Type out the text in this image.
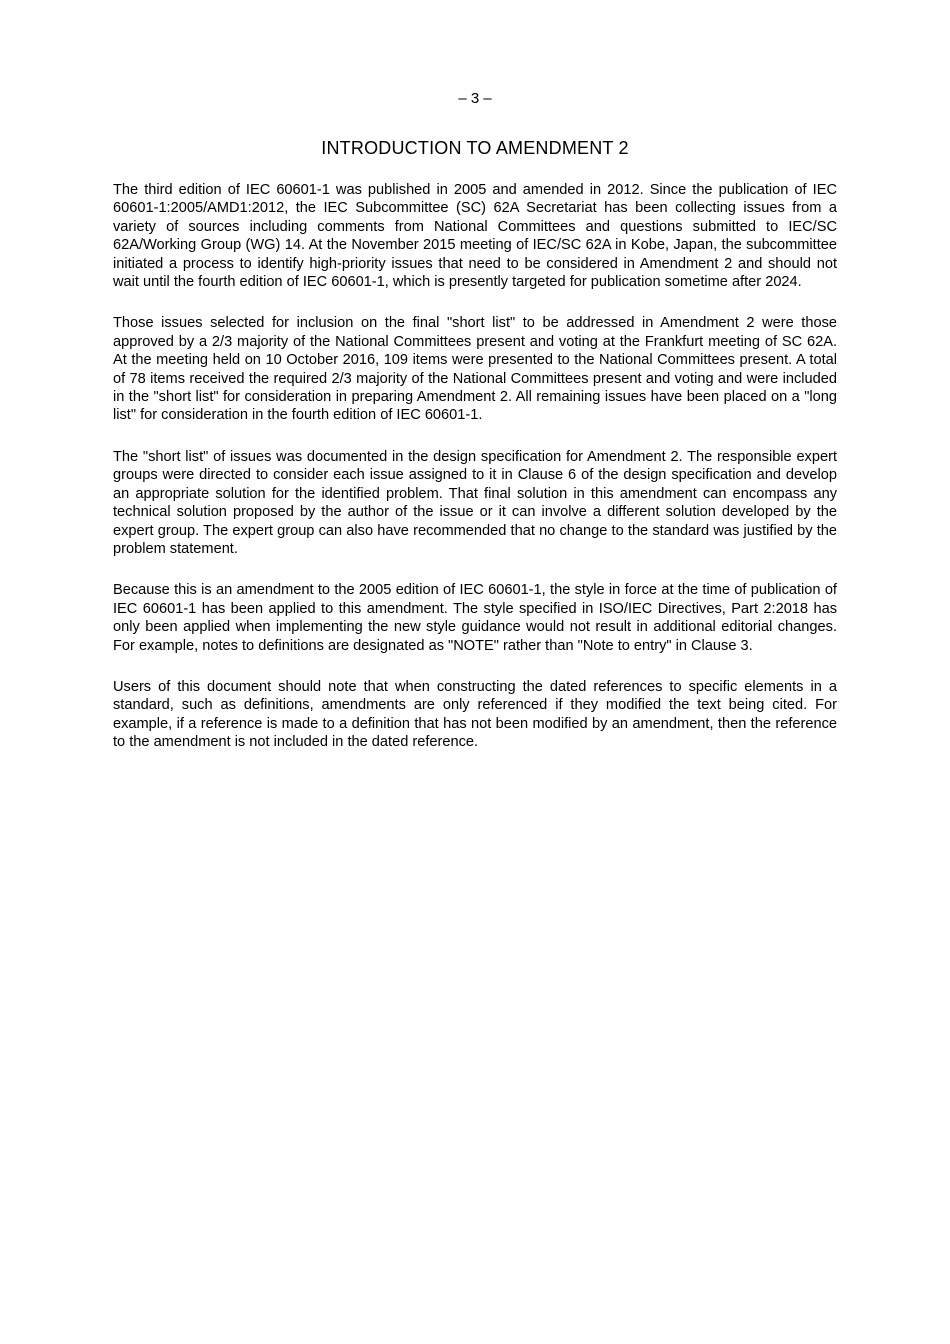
– 3 –
INTRODUCTION TO AMENDMENT 2

The third edition of IEC 60601-1 was published in 2005 and amended in 2012. Since the publication of IEC 60601-1:2005/AMD1:2012, the IEC Subcommittee (SC) 62A Secretariat has been collecting issues from a variety of sources including comments from National Committees and questions submitted to IEC/SC 62A/Working Group (WG) 14. At the November 2015 meeting of IEC/SC 62A in Kobe, Japan, the subcommittee initiated a process to identify high-priority issues that need to be considered in Amendment 2 and should not wait until the fourth edition of IEC 60601-1, which is presently targeted for publication sometime after 2024.

Those issues selected for inclusion on the final "short list" to be addressed in Amendment 2 were those approved by a 2/3 majority of the National Committees present and voting at the Frankfurt meeting of SC 62A. At the meeting held on 10 October 2016, 109 items were presented to the National Committees present. A total of 78 items received the required 2/3 majority of the National Committees present and voting and were included in the "short list" for consideration in preparing Amendment 2. All remaining issues have been placed on a "long list" for consideration in the fourth edition of IEC 60601-1.

The "short list" of issues was documented in the design specification for Amendment 2. The responsible expert groups were directed to consider each issue assigned to it in Clause 6 of the design specification and develop an appropriate solution for the identified problem. That final solution in this amendment can encompass any technical solution proposed by the author of the issue or it can involve a different solution developed by the expert group. The expert group can also have recommended that no change to the standard was justified by the problem statement.

Because this is an amendment to the 2005 edition of IEC 60601-1, the style in force at the time of publication of IEC 60601-1 has been applied to this amendment. The style specified in ISO/IEC Directives, Part 2:2018 has only been applied when implementing the new style guidance would not result in additional editorial changes. For example, notes to definitions are designated as "NOTE" rather than "Note to entry" in Clause 3.

Users of this document should note that when constructing the dated references to specific elements in a standard, such as definitions, amendments are only referenced if they modified the text being cited. For example, if a reference is made to a definition that has not been modified by an amendment, then the reference to the amendment is not included in the dated reference.
